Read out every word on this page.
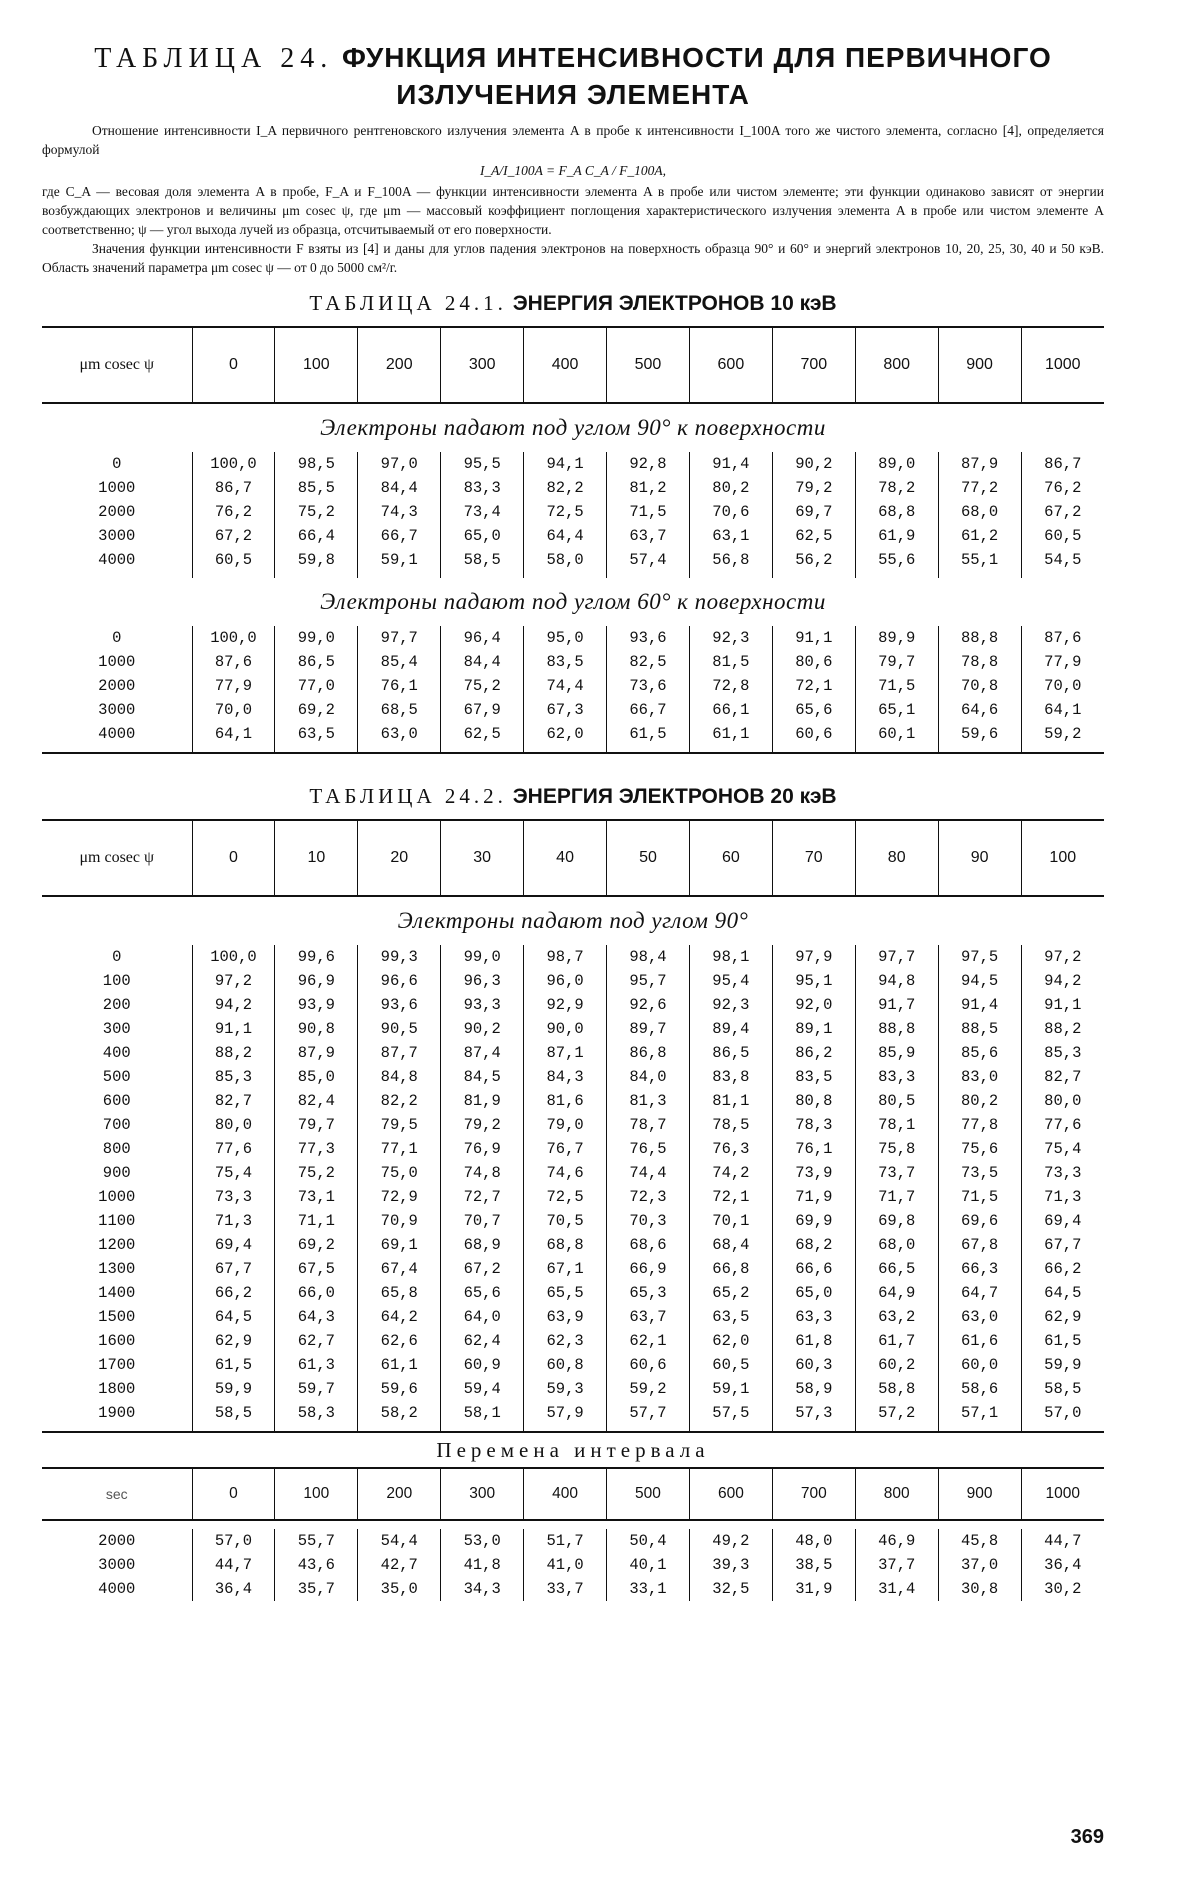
ТАБЛИЦА 24. ФУНКЦИЯ ИНТЕНСИВНОСТИ ДЛЯ ПЕРВИЧНОГО
ИЗЛУЧЕНИЯ ЭЛЕМЕНТА

Отношение интенсивности I_A первичного рентгеновского излучения элемента A в пробе к интенсивности I_100A того же чистого элемента, согласно [4], определяется формулой

I_A/I_100A = F_A C_A / F_100A,

где C_A — весовая доля элемента A в пробе, F_A и F_100A — функции интенсивности элемента A в пробе или чистом элементе; эти функции одинаково зависят от энергии возбуждающих электронов и величины μm cosec ψ, где μm — массовый коэффициент поглощения характеристического излучения элемента A в пробе или чистом элементе A соответственно; ψ — угол выхода лучей из образца, отсчитываемый от его поверхности.

Значения функции интенсивности F взяты из [4] и даны для углов падения электронов на поверхность образца 90° и 60° и энергий электронов 10, 20, 25, 30, 40 и 50 кэВ. Область значений параметра μm cosec ψ — от 0 до 5000 см²/г.

ТАБЛИЦА 24.1. ЭНЕРГИЯ ЭЛЕКТРОНОВ 10 кэВ
μm cosec ψ	0	100	200	300	400	500	600	700	800	900	1000
Электроны падают под углом 90° к поверхности											
0	100,0	98,5	97,0	95,5	94,1	92,8	91,4	90,2	89,0	87,9	86,7
1000	86,7	85,5	84,4	83,3	82,2	81,2	80,2	79,2	78,2	77,2	76,2
2000	76,2	75,2	74,3	73,4	72,5	71,5	70,6	69,7	68,8	68,0	67,2
3000	67,2	66,4	66,7	65,0	64,4	63,7	63,1	62,5	61,9	61,2	60,5
4000	60,5	59,8	59,1	58,5	58,0	57,4	56,8	56,2	55,6	55,1	54,5
Электроны падают под углом 60° к поверхности											
0	100,0	99,0	97,7	96,4	95,0	93,6	92,3	91,1	89,9	88,8	87,6
1000	87,6	86,5	85,4	84,4	83,5	82,5	81,5	80,6	79,7	78,8	77,9
2000	77,9	77,0	76,1	75,2	74,4	73,6	72,8	72,1	71,5	70,8	70,0
3000	70,0	69,2	68,5	67,9	67,3	66,7	66,1	65,6	65,1	64,6	64,1
4000	64,1	63,5	63,0	62,5	62,0	61,5	61,1	60,6	60,1	59,6	59,2
ТАБЛИЦА 24.2. ЭНЕРГИЯ ЭЛЕКТРОНОВ 20 кэВ
μm cosec ψ	0	10	20	30	40	50	60	70	80	90	100
Электроны падают под углом 90°											
0	100,0	99,6	99,3	99,0	98,7	98,4	98,1	97,9	97,7	97,5	97,2
100	97,2	96,9	96,6	96,3	96,0	95,7	95,4	95,1	94,8	94,5	94,2
200	94,2	93,9	93,6	93,3	92,9	92,6	92,3	92,0	91,7	91,4	91,1
300	91,1	90,8	90,5	90,2	90,0	89,7	89,4	89,1	88,8	88,5	88,2
400	88,2	87,9	87,7	87,4	87,1	86,8	86,5	86,2	85,9	85,6	85,3
500	85,3	85,0	84,8	84,5	84,3	84,0	83,8	83,5	83,3	83,0	82,7
600	82,7	82,4	82,2	81,9	81,6	81,3	81,1	80,8	80,5	80,2	80,0
700	80,0	79,7	79,5	79,2	79,0	78,7	78,5	78,3	78,1	77,8	77,6
800	77,6	77,3	77,1	76,9	76,7	76,5	76,3	76,1	75,8	75,6	75,4
900	75,4	75,2	75,0	74,8	74,6	74,4	74,2	73,9	73,7	73,5	73,3
1000	73,3	73,1	72,9	72,7	72,5	72,3	72,1	71,9	71,7	71,5	71,3
1100	71,3	71,1	70,9	70,7	70,5	70,3	70,1	69,9	69,8	69,6	69,4
1200	69,4	69,2	69,1	68,9	68,8	68,6	68,4	68,2	68,0	67,8	67,7
1300	67,7	67,5	67,4	67,2	67,1	66,9	66,8	66,6	66,5	66,3	66,2
1400	66,2	66,0	65,8	65,6	65,5	65,3	65,2	65,0	64,9	64,7	64,5
1500	64,5	64,3	64,2	64,0	63,9	63,7	63,5	63,3	63,2	63,0	62,9
1600	62,9	62,7	62,6	62,4	62,3	62,1	62,0	61,8	61,7	61,6	61,5
1700	61,5	61,3	61,1	60,9	60,8	60,6	60,5	60,3	60,2	60,0	59,9
1800	59,9	59,7	59,6	59,4	59,3	59,2	59,1	58,9	58,8	58,6	58,5
1900	58,5	58,3	58,2	58,1	57,9	57,7	57,5	57,3	57,2	57,1	57,0
Перемена интервала											
sec	0	100	200	300	400	500	600	700	800	900	1000

2000	57,0	55,7	54,4	53,0	51,7	50,4	49,2	48,0	46,9	45,8	44,7
3000	44,7	43,6	42,7	41,8	41,0	40,1	39,3	38,5	37,7	37,0	36,4
4000	36,4	35,7	35,0	34,3	33,7	33,1	32,5	31,9	31,4	30,8	30,2
369
